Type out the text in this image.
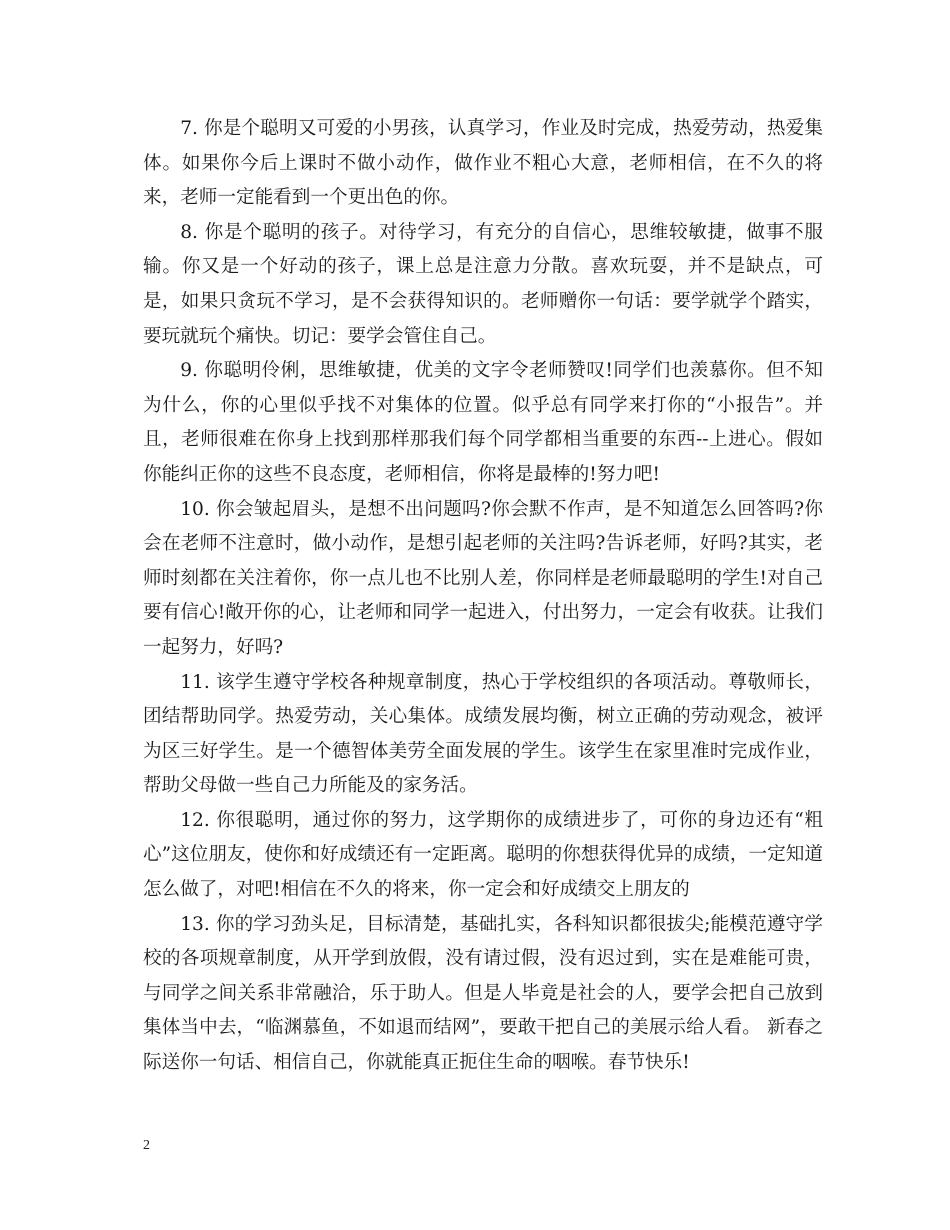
7. 你是个聪明又可爱的小男孩，认真学习，作业及时完成，热爱劳动，热爱集体。如果你今后上课时不做小动作，做作业不粗心大意，老师相信，在不久的将来，老师一定能看到一个更出色的你。

8. 你是个聪明的孩子。对待学习，有充分的自信心，思维较敏捷，做事不服输。你又是一个好动的孩子，课上总是注意力分散。喜欢玩耍，并不是缺点，可是，如果只贪玩不学习，是不会获得知识的。老师赠你一句话：要学就学个踏实，要玩就玩个痛快。切记：要学会管住自己。

9. 你聪明伶俐，思维敏捷，优美的文字令老师赞叹!同学们也羡慕你。但不知为什么，你的心里似乎找不对集体的位置。似乎总有同学来打你的“小报告”。并且，老师很难在你身上找到那样那我们每个同学都相当重要的东西--上进心。假如你能纠正你的这些不良态度，老师相信，你将是最棒的!努力吧!

10. 你会皱起眉头，是想不出问题吗?你会默不作声，是不知道怎么回答吗?你会在老师不注意时，做小动作，是想引起老师的关注吗?告诉老师，好吗?其实，老师时刻都在关注着你，你一点儿也不比别人差，你同样是老师最聪明的学生!对自己要有信心!敞开你的心，让老师和同学一起进入，付出努力，一定会有收获。让我们一起努力，好吗?

11. 该学生遵守学校各种规章制度，热心于学校组织的各项活动。尊敬师长，团结帮助同学。热爱劳动，关心集体。成绩发展均衡，树立正确的劳动观念，被评为区三好学生。是一个德智体美劳全面发展的学生。该学生在家里准时完成作业，帮助父母做一些自己力所能及的家务活。

12. 你很聪明，通过你的努力，这学期你的成绩进步了，可你的身边还有“粗心”这位朋友，使你和好成绩还有一定距离。聪明的你想获得优异的成绩，一定知道怎么做了，对吧!相信在不久的将来，你一定会和好成绩交上朋友的

13. 你的学习劲头足，目标清楚，基础扎实，各科知识都很拔尖;能模范遵守学校的各项规章制度，从开学到放假，没有请过假，没有迟过到，实在是难能可贵，与同学之间关系非常融洽，乐于助人。但是人毕竟是社会的人，要学会把自己放到集体当中去，“临渊慕鱼，不如退而结网”，要敢干把自己的美展示给人看。 新春之际送你一句话、相信自己，你就能真正扼住生命的咽喉。春节快乐!

2
